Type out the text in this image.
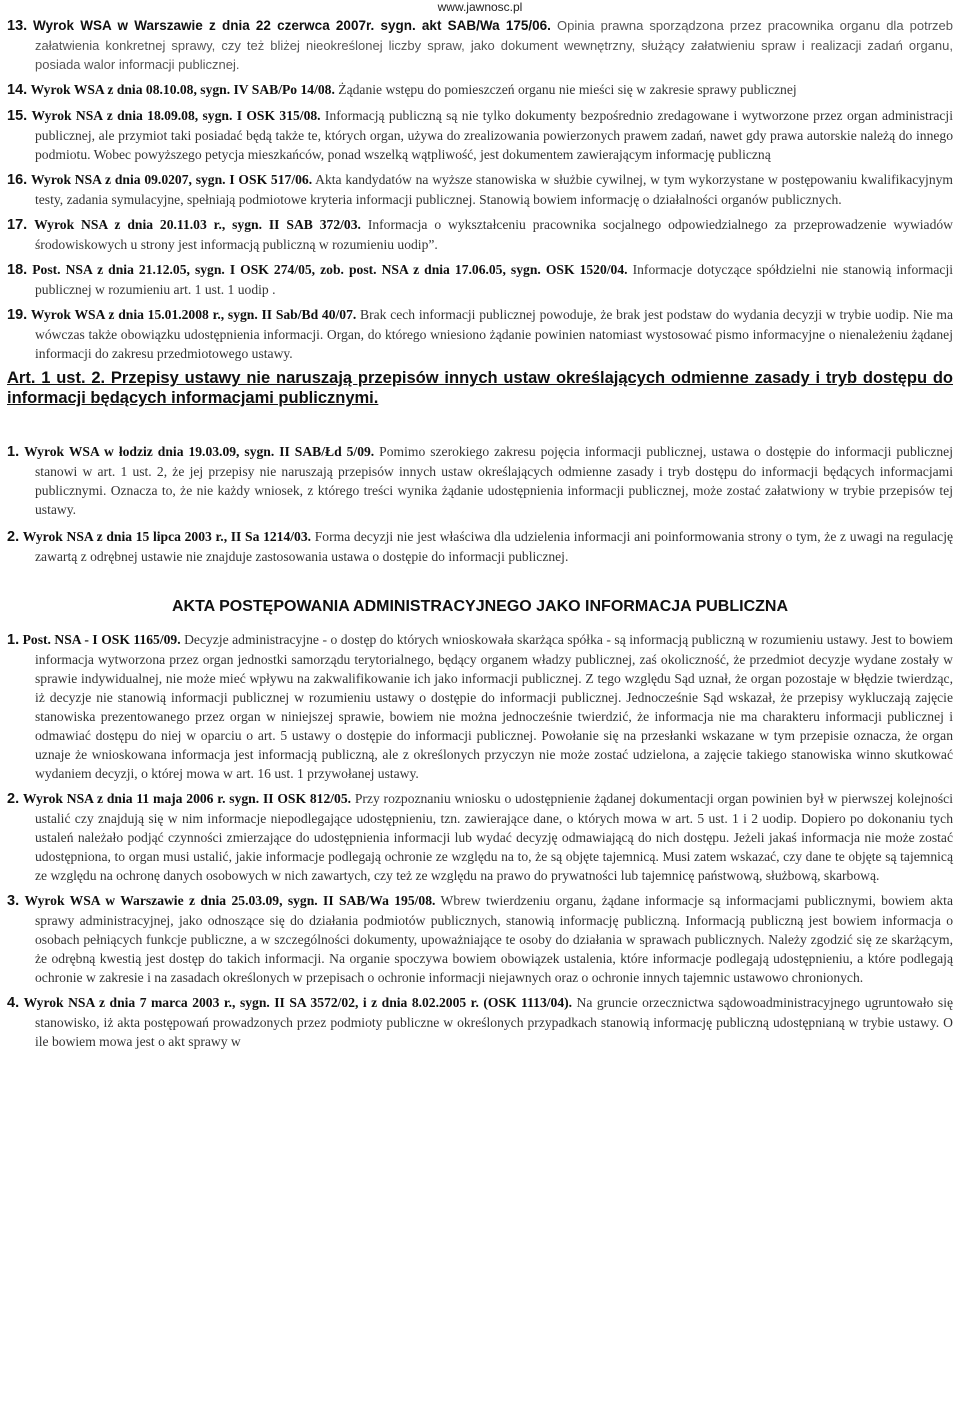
www.jawnosc.pl
13. Wyrok WSA w Warszawie z dnia 22 czerwca 2007r. sygn. akt SAB/Wa 175/06. Opinia prawna sporządzona przez pracownika organu dla potrzeb załatwienia konkretnej sprawy, czy też bliżej nieokreślonej liczby spraw, jako dokument wewnętrzny, służący załatwieniu spraw i realizacji zadań organu, posiada walor informacji publicznej.
14. Wyrok WSA z dnia 08.10.08, sygn. IV SAB/Po 14/08. Żądanie wstępu do pomieszczeń organu nie mieści się w zakresie sprawy publicznej
15. Wyrok NSA z dnia 18.09.08, sygn. I OSK 315/08. Informacją publiczną są nie tylko dokumenty bezpośrednio zredagowane i wytworzone przez organ administracji publicznej, ale przymiot taki posiadać będą także te, których organ, używa do zrealizowania powierzonych prawem zadań, nawet gdy prawa autorskie należą do innego podmiotu. Wobec powyższego petycja mieszkańców, ponad wszelką wątpliwość, jest dokumentem zawierającym informację publiczną
16. Wyrok NSA z dnia 09.0207, sygn. I OSK 517/06. Akta kandydatów na wyższe stanowiska w służbie cywilnej, w tym wykorzystane w postępowaniu kwalifikacyjnym testy, zadania symulacyjne, spełniają podmiotowe kryteria informacji publicznej. Stanowią bowiem informację o działalności organów publicznych.
17. Wyrok NSA z dnia 20.11.03 r., sygn. II SAB 372/03. Informacja o wykształceniu pracownika socjalnego odpowiedzialnego za przeprowadzenie wywiadów środowiskowych u strony jest informacją publiczną w rozumieniu uodip”.
18. Post. NSA z dnia 21.12.05, sygn. I OSK 274/05, zob. post. NSA z dnia 17.06.05, sygn. OSK 1520/04. Informacje dotyczące spółdzielni nie stanowią informacji publicznej w rozumieniu art. 1 ust. 1 uodip .
19. Wyrok WSA z dnia 15.01.2008 r., sygn. II Sab/Bd 40/07. Brak cech informacji publicznej powoduje, że brak jest podstaw do wydania decyzji w trybie uodip. Nie ma wówczas także obowiązku udostępnienia informacji. Organ, do którego wniesiono żądanie powinien natomiast wystosować pismo informacyjne o nienależeniu żądanej informacji do zakresu przedmiotowego ustawy.
Art. 1 ust. 2. Przepisy ustawy nie naruszają przepisów innych ustaw określających odmienne zasady i tryb dostępu do informacji będących informacjami publicznymi.
1. Wyrok WSA w łodziz dnia 19.03.09, sygn. II SAB/Łd 5/09. Pomimo szerokiego zakresu pojęcia informacji publicznej, ustawa o dostępie do informacji publicznej stanowi w art. 1 ust. 2, że jej przepisy nie naruszają przepisów innych ustaw określających odmienne zasady i tryb dostępu do informacji będących informacjami publicznymi. Oznacza to, że nie każdy wniosek, z którego treści wynika żądanie udostępnienia informacji publicznej, może zostać załatwiony w trybie przepisów tej ustawy.
2. Wyrok NSA z dnia 15 lipca 2003 r., II Sa 1214/03. Forma decyzji nie jest właściwa dla udzielenia informacji ani poinformowania strony o tym, że z uwagi na regulację zawartą z odrębnej ustawie nie znajduje zastosowania ustawa o dostępie do informacji publicznej.
AKTA POSTĘPOWANIA ADMINISTRACYJNEGO JAKO INFORMACJA PUBLICZNA
1. Post. NSA - I OSK 1165/09. Decyzje administracyjne - o dostęp do których wnioskowała skarżąca spółka - są informacją publiczną w rozumieniu ustawy. Jest to bowiem informacja wytworzona przez organ jednostki samorządu terytorialnego, będący organem władzy publicznej, zaś okoliczność, że przedmiot decyzje wydane zostały w sprawie indywidualnej, nie może mieć wpływu na zakwalifikowanie ich jako informacji publicznej. Z tego względu Sąd uznał, że organ pozostaje w błędzie twierdząc, iż decyzje nie stanowią informacji publicznej w rozumieniu ustawy o dostępie do informacji publicznej. Jednocześnie Sąd wskazał, że przepisy wykluczają zajęcie stanowiska prezentowanego przez organ w niniejszej sprawie, bowiem nie można jednocześnie twierdzić, że informacja nie ma charakteru informacji publicznej i odmawiać dostępu do niej w oparciu o art. 5 ustawy o dostępie do informacji publicznej. Powołanie się na przesłanki wskazane w tym przepisie oznacza, że organ uznaje że wnioskowana informacja jest informacją publiczną, ale z określonych przyczyn nie może zostać udzielona, a zajęcie takiego stanowiska winno skutkować wydaniem decyzji, o której mowa w art. 16 ust. 1 przywołanej ustawy.
2. Wyrok NSA z dnia 11 maja 2006 r. sygn. II OSK 812/05. Przy rozpoznaniu wniosku o udostępnienie żądanej dokumentacji organ powinien był w pierwszej kolejności ustalić czy znajdują się w nim informacje niepodlegające udostępnieniu, tzn. zawierające dane, o których mowa w art. 5 ust. 1 i 2 uodip. Dopiero po dokonaniu tych ustaleń należało podjąć czynności zmierzające do udostępnienia informacji lub wydać decyzję odmawiającą do nich dostępu. Jeżeli jakaś informacja nie może zostać udostępniona, to organ musi ustalić, jakie informacje podlegają ochronie ze względu na to, że są objęte tajemnicą. Musi zatem wskazać, czy dane te objęte są tajemnicą ze względu na ochronę danych osobowych w nich zawartych, czy też ze względu na prawo do prywatności lub tajemnicę państwową, służbową, skarbową.
3. Wyrok WSA w Warszawie z dnia 25.03.09, sygn. II SAB/Wa 195/08. Wbrew twierdzeniu organu, żądane informacje są informacjami publicznymi, bowiem akta sprawy administracyjnej, jako odnoszące się do działania podmiotów publicznych, stanowią informację publiczną. Informacją publiczną jest bowiem informacja o osobach pełniących funkcje publiczne, a w szczególności dokumenty, upoważniające te osoby do działania w sprawach publicznych. Należy zgodzić się ze skarżącym, że odrębną kwestią jest dostęp do takich informacji. Na organie spoczywa bowiem obowiązek ustalenia, które informacje podlegają udostępnieniu, a które podlegają ochronie w zakresie i na zasadach określonych w przepisach o ochronie informacji niejawnych oraz o ochronie innych tajemnic ustawowo chronionych.
4. Wyrok NSA z dnia 7 marca 2003 r., sygn. II SA 3572/02, i z dnia 8.02.2005 r. (OSK 1113/04). Na gruncie orzecznictwa sądowoadministracyjnego ugruntowało się stanowisko, iż akta postępowań prowadzonych przez podmioty publiczne w określonych przypadkach stanowią informację publiczną udostępnianą w trybie ustawy. O ile bowiem mowa jest o akt sprawy w
